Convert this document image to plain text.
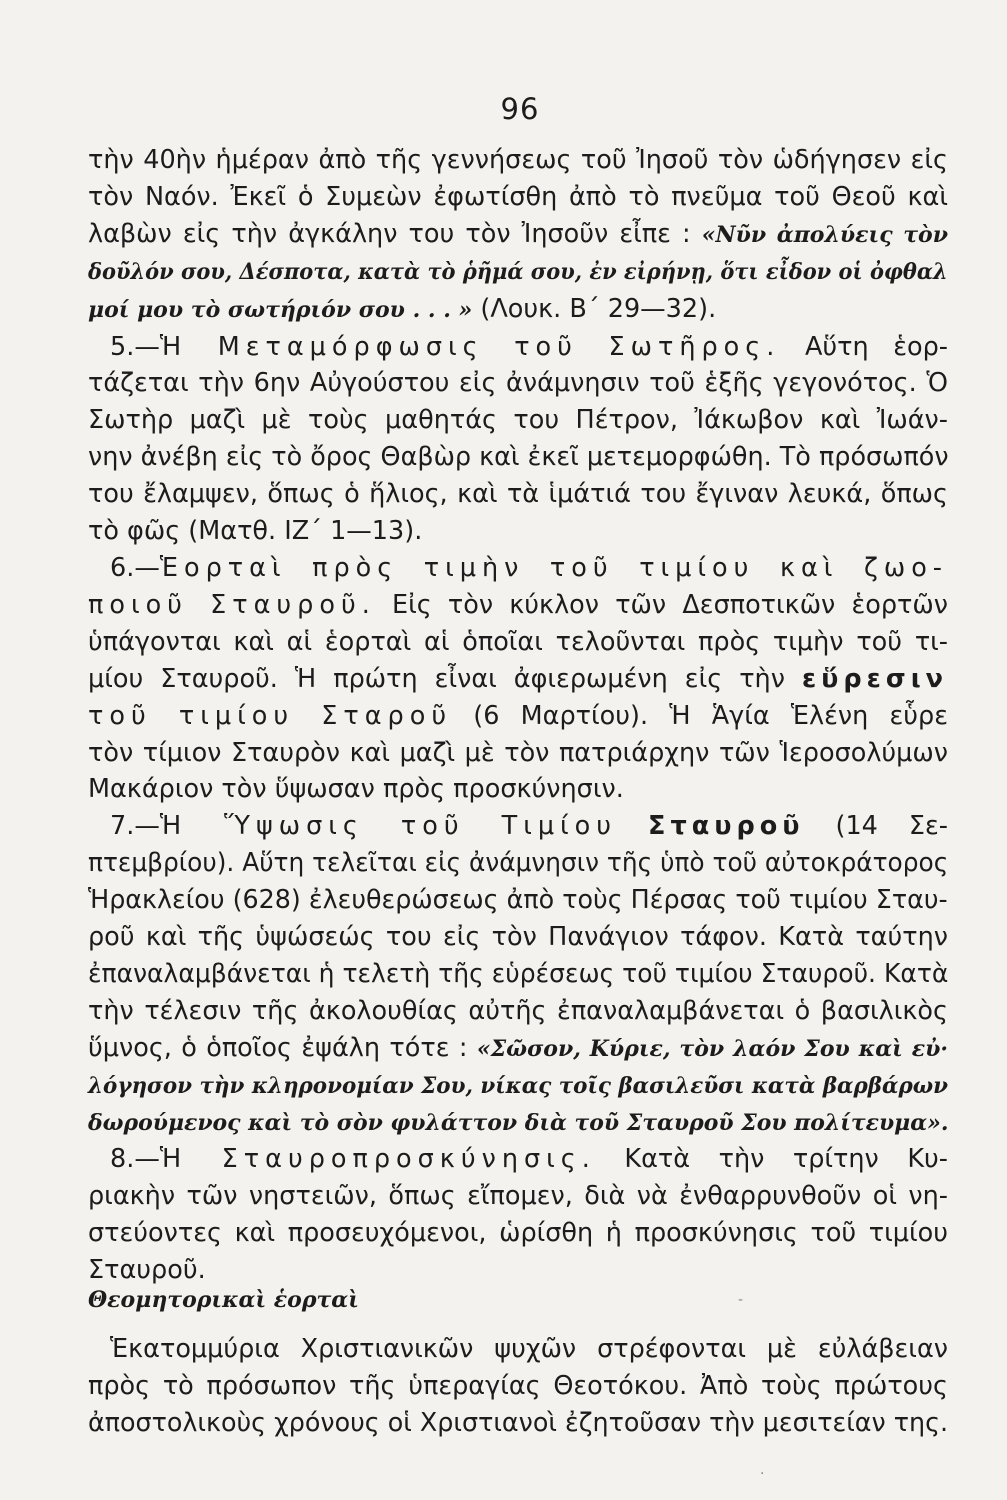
96
τὴν 40ὴν ἡμέραν ἀπὸ τῆς γεννήσεως τοῦ Ἰησοῦ τὸν ὡδήγησεν εἰς
τὸν Ναόν. Ἐκεῖ ὁ Συμεὼν ἐφωτίσθη ἀπὸ τὸ πνεῦμα τοῦ Θεοῦ καὶ
λαβὼν εἰς τὴν ἀγκάλην του τὸν Ἰησοῦν εἶπε : «Νῦν ἀπολύεις τὸν
δοῦλόν σου, Δέσποτα, κατὰ τὸ ῥῆμά σου, ἐν εἰρήνῃ, ὅτι εἶδον οἱ ὀφθαλ
μοί μου τὸ σωτήριόν σου . . . » (Λουκ. Β΄ 29—32).
5.—Ἡ Μεταμόρφωσις τοῦ Σωτῆρος. Αὕτη ἑορ-
τάζεται τὴν 6ην Αὐγούστου εἰς ἀνάμνησιν τοῦ ἑξῆς γεγονότος. Ὁ
Σωτὴρ μαζὶ μὲ τοὺς μαθητάς του Πέτρον, Ἰάκωβον καὶ Ἰωάν-
νην ἀνέβη εἰς τὸ ὄρος Θαβὼρ καὶ ἐκεῖ μετεμορφώθη. Τὸ πρόσωπόν
του ἔλαμψεν, ὅπως ὁ ἥλιος, καὶ τὰ ἱμάτιά του ἔγιναν λευκά, ὅπως
τὸ φῶς (Ματθ. ΙΖ΄ 1—13).
6.—Ἑορταὶ πρὸς τιμὴν τοῦ τιμίου καὶ ζωο-
ποιοῦ Σταυροῦ. Εἰς τὸν κύκλον τῶν Δεσποτικῶν ἑορτῶν
ὑπάγονται καὶ αἱ ἑορταὶ αἱ ὁποῖαι τελοῦνται πρὸς τιμὴν τοῦ τι-
μίου Σταυροῦ. Ἡ πρώτη εἶναι ἀφιερωμένη εἰς τὴν εὕρεσιν
τοῦ τιμίου Σταροῦ (6 Μαρτίου). Ἡ Ἁγία Ἑλένη εὗρε
τὸν τίμιον Σταυρὸν καὶ μαζὶ μὲ τὸν πατριάρχην τῶν Ἱεροσολύμων
Μακάριον τὸν ὕψωσαν πρὸς προσκύνησιν.
7.—Ἡ Ὕψωσις τοῦ Τιμίου Σταυροῦ (14 Σε-
πτεμβρίου). Αὕτη τελεῖται εἰς ἀνάμνησιν τῆς ὑπὸ τοῦ αὐτοκράτορος
Ἡρακλείου (628) ἐλευθερώσεως ἀπὸ τοὺς Πέρσας τοῦ τιμίου Σταυ-
ροῦ καὶ τῆς ὑψώσεώς του εἰς τὸν Πανάγιον τάφον. Κατὰ ταύτην
ἐπαναλαμβάνεται ἡ τελετὴ τῆς εὑρέσεως τοῦ τιμίου Σταυροῦ. Κατὰ
τὴν τέλεσιν τῆς ἀκολουθίας αὐτῆς ἐπαναλαμβάνεται ὁ βασιλικὸς
ὕμνος, ὁ ὁποῖος ἐψάλη τότε : «Σῶσον, Κύριε, τὸν λαόν Σου καὶ εὐ·
λόγησον τὴν κληρονομίαν Σου, νίκας τοῖς βασιλεῦσι κατὰ βαρβάρων
δωρούμενος καὶ τὸ σὸν φυλάττον διὰ τοῦ Σταυροῦ Σου πολίτευμα».
8.—Ἡ Σταυροπροσκύνησις. Κατὰ τὴν τρίτην Κυ-
ριακὴν τῶν νηστειῶν, ὅπως εἴπομεν, διὰ νὰ ἐνθαρρυνθοῦν οἱ νη-
στεύοντες καὶ προσευχόμενοι, ὡρίσθη ἡ προσκύνησις τοῦ τιμίου
Σταυροῦ.
Θεομητορικαὶ ἑορταὶ
Ἑκατομμύρια Χριστιανικῶν ψυχῶν στρέφονται μὲ εὐλάβειαν
πρὸς τὸ πρόσωπον τῆς ὑπεραγίας Θεοτόκου. Ἀπὸ τοὺς πρώτους
ἀποστολικοὺς χρόνους οἱ Χριστιανοὶ ἐζητοῦσαν τὴν μεσιτείαν της.
-
·
